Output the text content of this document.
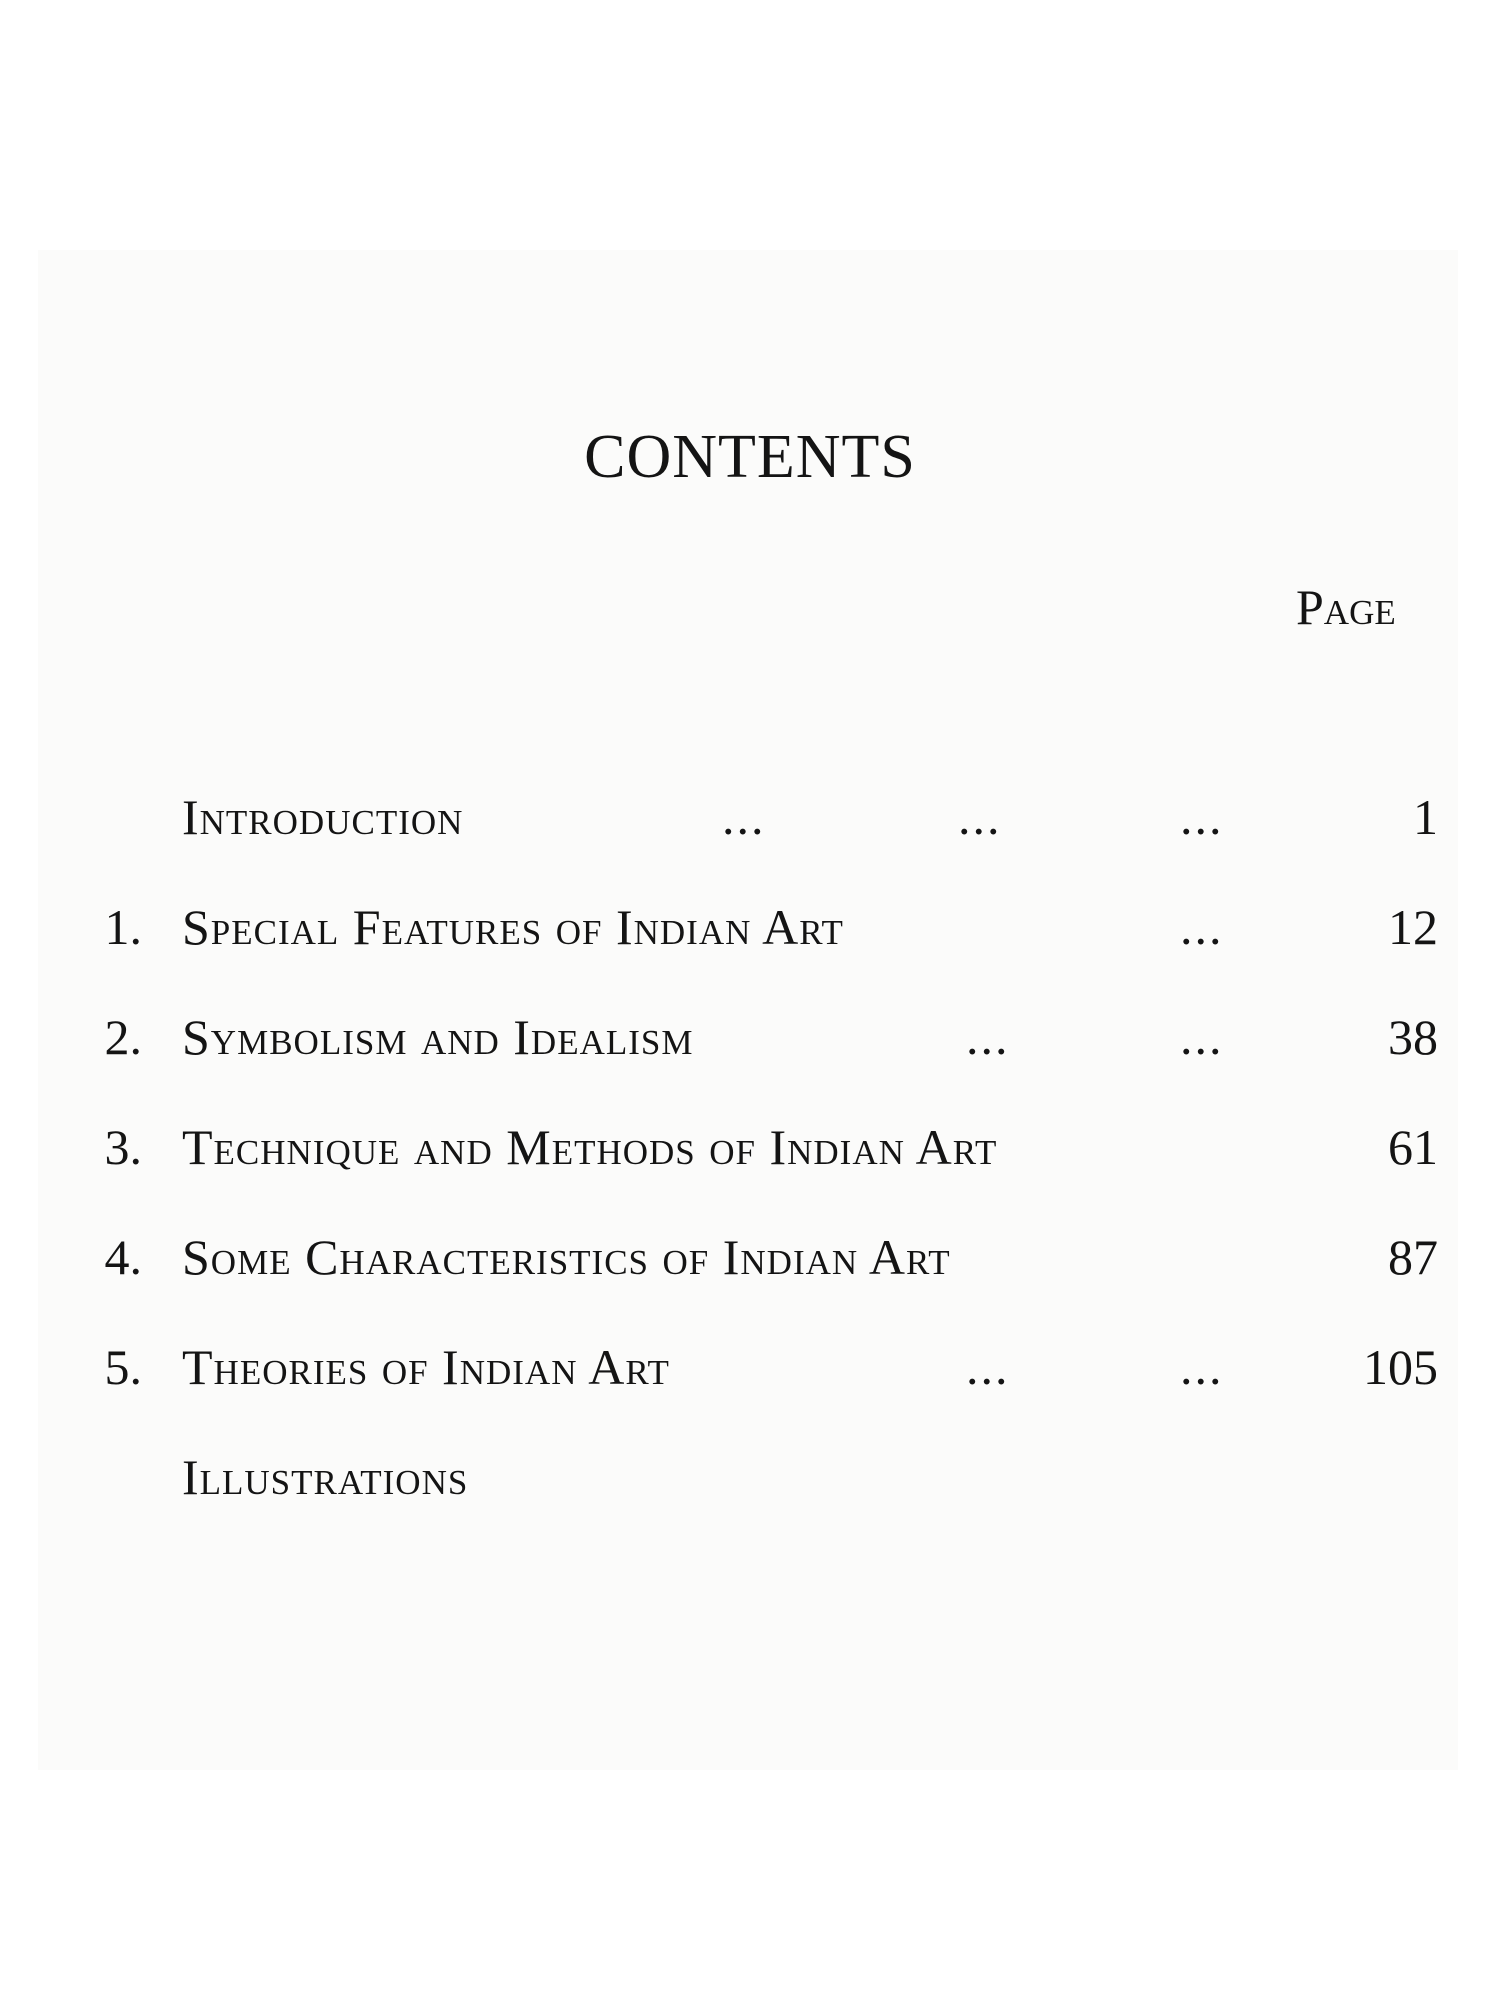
CONTENTS
Page
Introduction	...	...	...	1
1. Special Features of Indian Art	...	12
2. Symbolism and Idealism	...	...	38
3. Technique and Methods of Indian Art	61
4. Some Characteristics of Indian Art	87
5. Theories of Indian Art	...	...	105
Illustrations
